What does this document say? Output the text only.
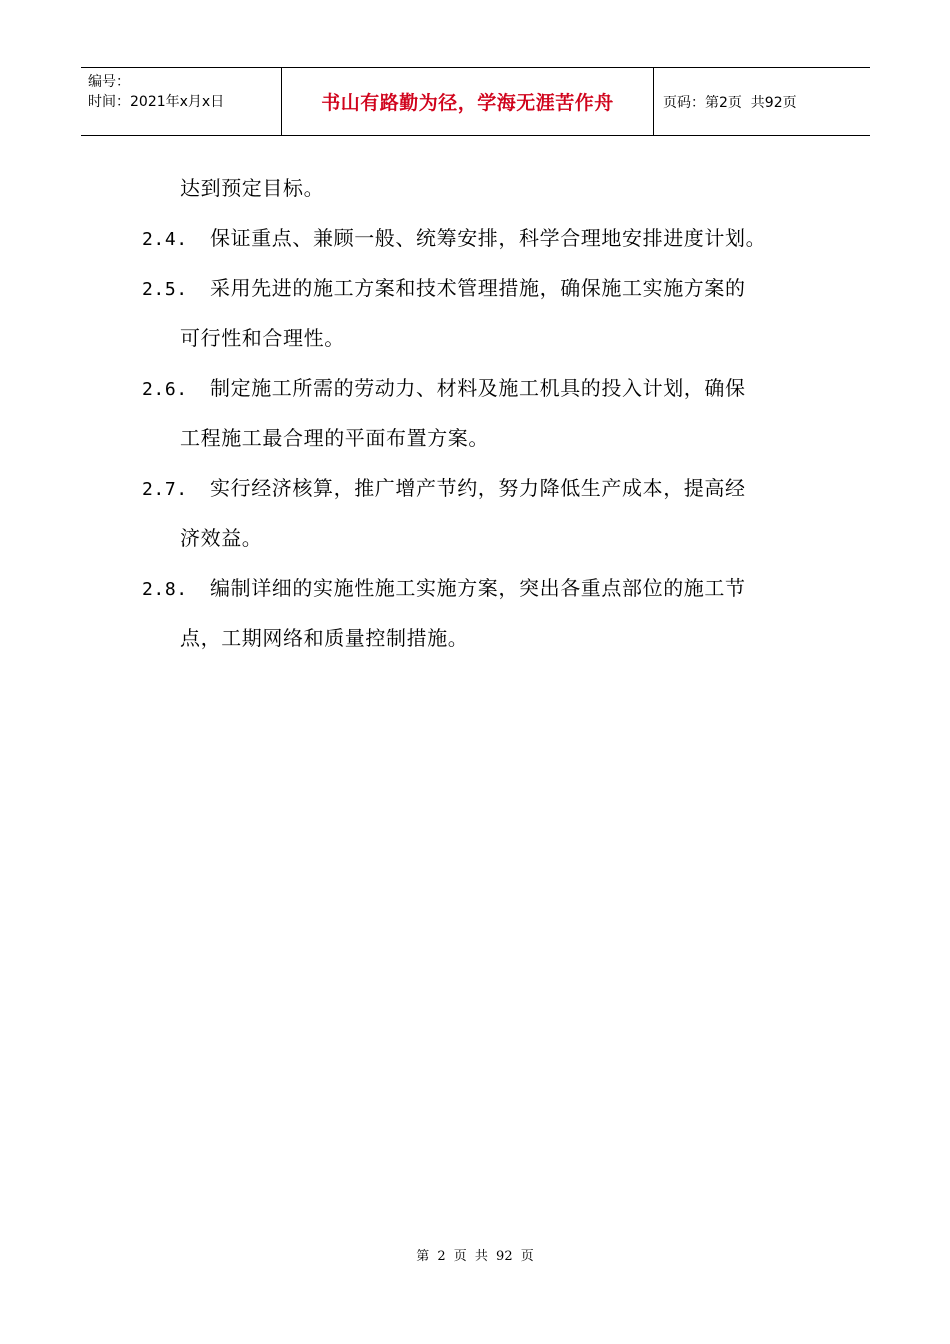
编号：
时间：2021年x月x日	书山有路勤为径，学海无涯苦作舟	页码：第2页  共92页
达到预定目标。
2.4. 保证重点、兼顾一般、统筹安排，科学合理地安排进度计划。
2.5. 采用先进的施工方案和技术管理措施，确保施工实施方案的
可行性和合理性。
2.6. 制定施工所需的劳动力、材料及施工机具的投入计划，确保
工程施工最合理的平面布置方案。
2.7. 实行经济核算，推广增产节约，努力降低生产成本，提高经
济效益。
2.8. 编制详细的实施性施工实施方案，突出各重点部位的施工节
点，工期网络和质量控制措施。
第 2 页 共 92 页
